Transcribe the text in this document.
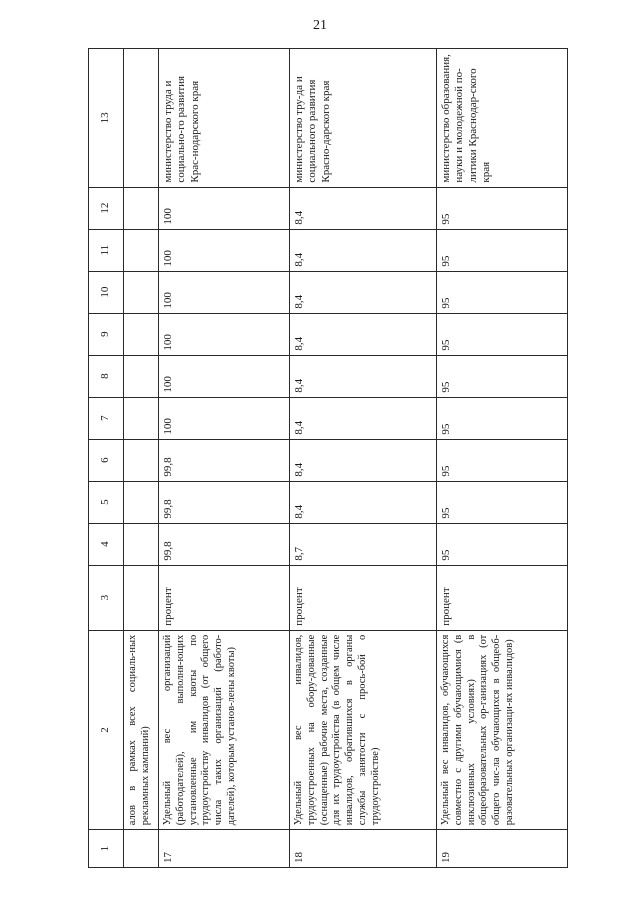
21
1	2	3	4	5	6	7	8	9	10	11	12	13
	алов в рамках всех социаль-ных рекламных кампаний)											
17	Удельный вес организаций (работодателей), выполня-ющих установленные им квоты по трудоустройству инвалидов (от общего числа таких организаций (работо-дателей), которым установ-лены квоты)	процент	99,8	99,8	99,8	100	100	100	100	100	100	министерство труда и социально-го развития Крас-нодарского края
18	Удельный вес инвалидов, трудоустроенных на обору-дованные (оснащенные) рабочие места, созданные для их трудоустройства (в общем числе инвалидов, обратившихся в органы службы занятости с прось-бой о трудоустройстве)	процент	8,7	8,4	8,4	8,4	8,4	8,4	8,4	8,4	8,4	министерство тру-да и социального развития Красно-дарского края
19	Удельный вес инвалидов, обучающихся совместно с другими обучающимися (в инклюзивных условиях) в общеобразовательных ор-ганизациях (от общего чис-ла обучающихся в общеоб-разовательных организаци-ях инвалидов)	процент	95	95	95	95	95	95	95	95	95	министерство образования, науки и молодежной по-литики Краснодар-ского края
